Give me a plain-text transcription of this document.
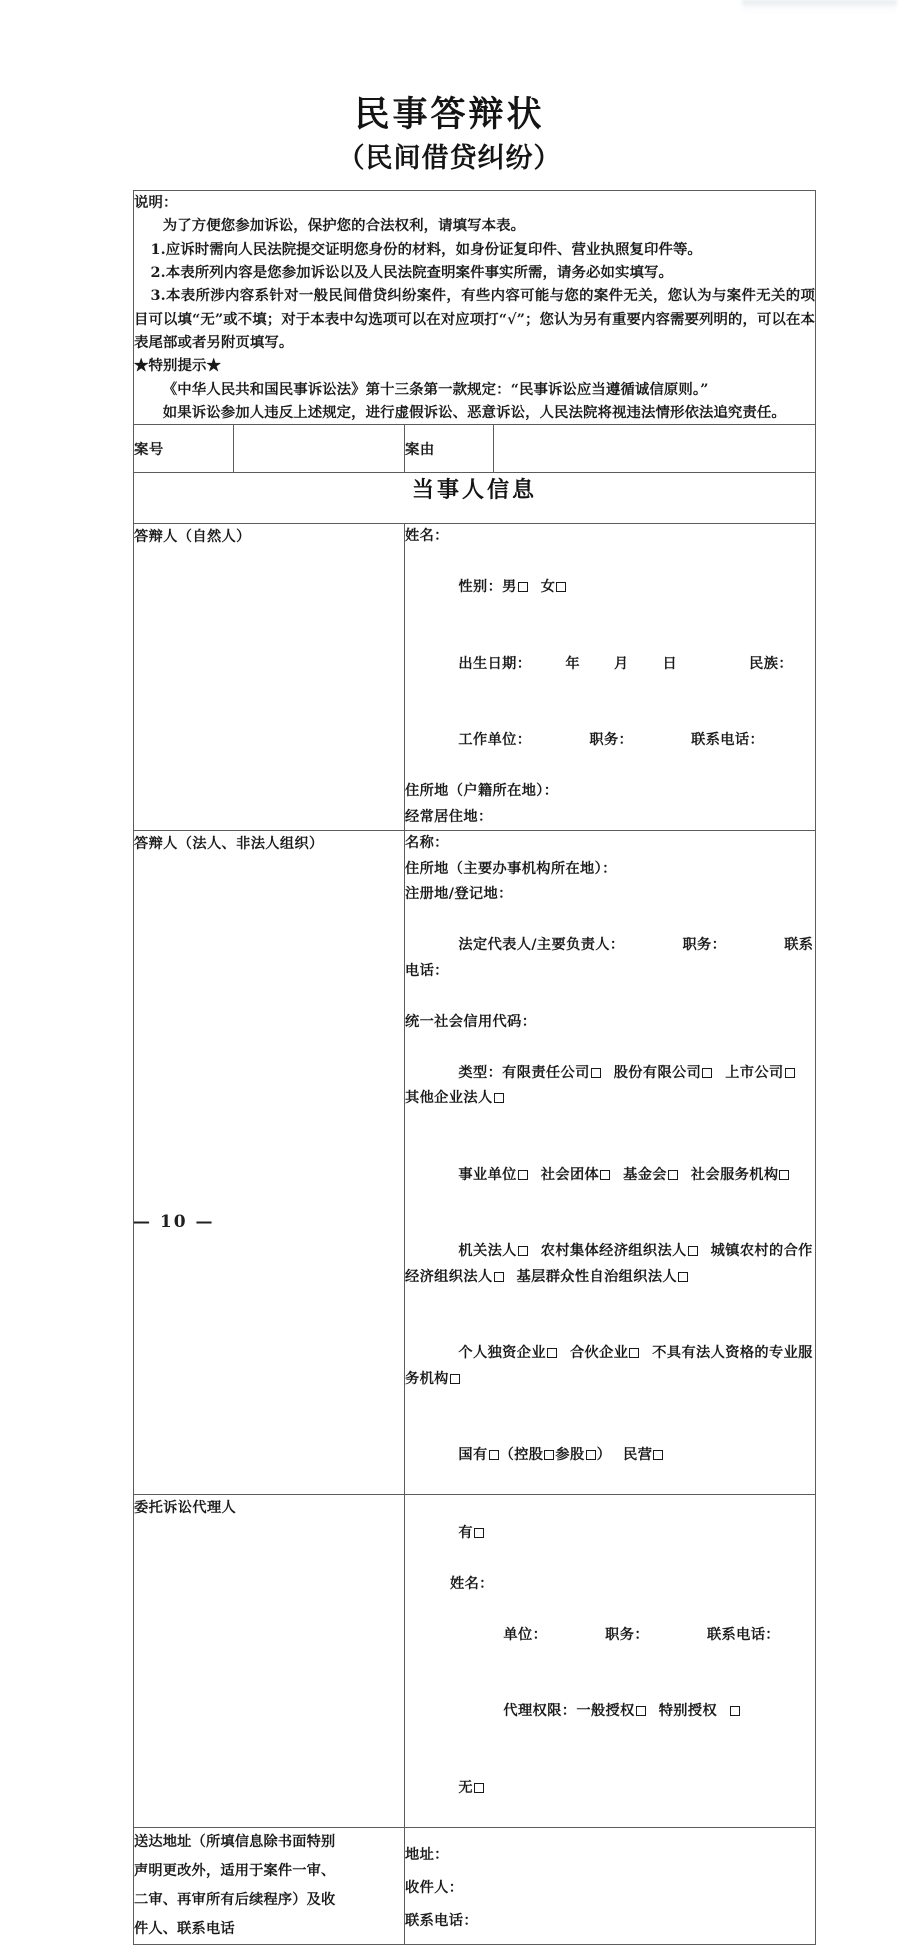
民事答辩状
（民间借贷纠纷）

说明：

为了方便您参加诉讼，保护您的合法权利，请填写本表。

1.应诉时需向人民法院提交证明您身份的材料，如身份证复印件、营业执照复印件等。

2.本表所列内容是您参加诉讼以及人民法院查明案件事实所需，请务必如实填写。

3.本表所涉内容系针对一般民间借贷纠纷案件，有些内容可能与您的案件无关，您认为与案件无关的项目可以填“无”或不填；对于本表中勾选项可以在对应项打“√”；您认为另有重要内容需要列明的，可以在本表尾部或者另附页填写。

★特别提示★

《中华人民共和国民事诉讼法》第十三条第一款规定：“民事诉讼应当遵循诚信原则。”

如果诉讼参加人违反上述规定，进行虚假诉讼、恶意诉讼，人民法院将视违法情形依法追究责任。

案号		案由	
当事人信息			
答辩人（自然人）	姓名：

性别：男 女

出生日期： 年 月 日	民族：

工作单位：	职务：	联系电话：

住所地（户籍所在地）：
经常居住地：

答辩人（法人、非法人组织）	名称：
住所地（主要办事机构所在地）：
注册地/登记地：

法定代表人/主要负责人：	职务：	联系电话：

统一社会信用代码：

类型：有限责任公司 股份有限公司 上市公司其他企业法人

事业单位 社会团体 基金会 社会服务机构

机关法人 农村集体经济组织法人 城镇农村的合作经济组织法人 基层群众性自治组织法人

个人独资企业 合伙企业 不具有法人资格的专业服务机构

国有 （控股 参股 ） 民营

委托诉讼代理人		有

姓名：

单位： 职务： 联系电话：

代理权限：一般授权 特别授权

无	

送达地址（所填信息除书面特别
声明更改外，适用于案件一审、
二审、再审所有后续程序）及收
件人、联系电话

地址：
收件人：
联系电话：
— 10 —
